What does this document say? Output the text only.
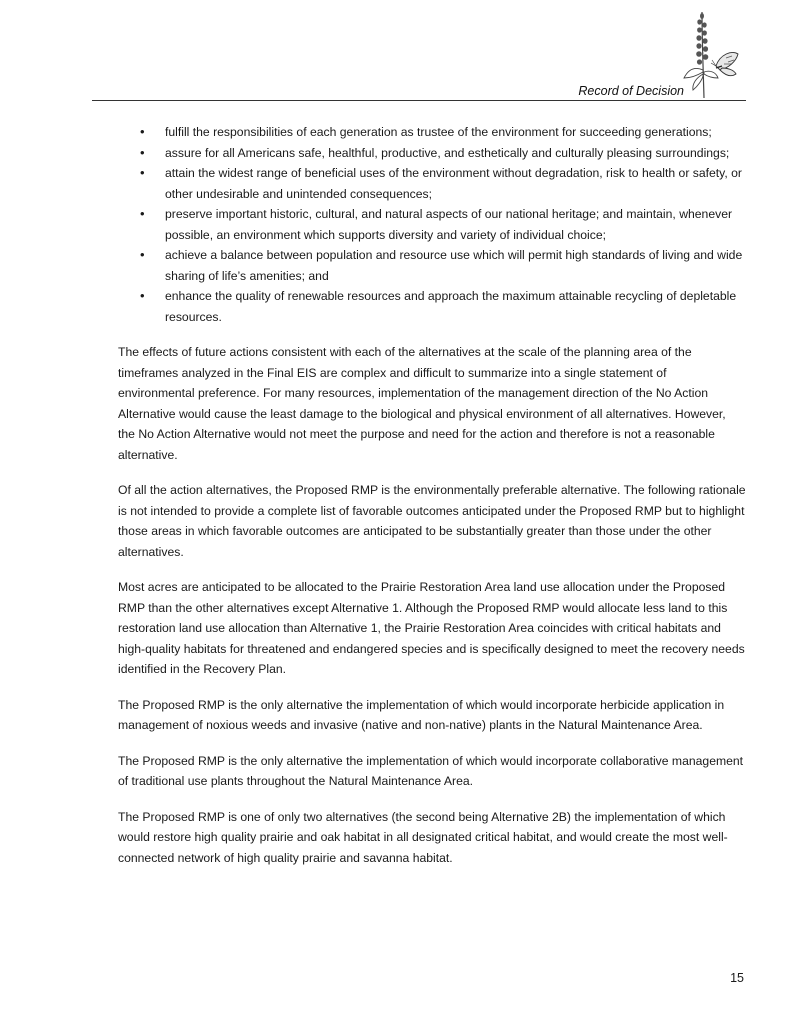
Record of Decision
• fulfill the responsibilities of each generation as trustee of the environment for succeeding generations;
• assure for all Americans safe, healthful, productive, and esthetically and culturally pleasing surroundings;
• attain the widest range of beneficial uses of the environment without degradation, risk to health or safety, or other undesirable and unintended consequences;
• preserve important historic, cultural, and natural aspects of our national heritage; and maintain, whenever possible, an environment which supports diversity and variety of individual choice;
• achieve a balance between population and resource use which will permit high standards of living and wide sharing of life’s amenities; and
• enhance the quality of renewable resources and approach the maximum attainable recycling of depletable resources.

The effects of future actions consistent with each of the alternatives at the scale of the planning area of the timeframes analyzed in the Final EIS are complex and difficult to summarize into a single statement of environmental preference. For many resources, implementation of the management direction of the No Action Alternative would cause the least damage to the biological and physical environment of all alternatives. However, the No Action Alternative would not meet the purpose and need for the action and therefore is not a reasonable alternative.

Of all the action alternatives, the Proposed RMP is the environmentally preferable alternative. The following rationale is not intended to provide a complete list of favorable outcomes anticipated under the Proposed RMP but to highlight those areas in which favorable outcomes are anticipated to be substantially greater than those under the other alternatives.

Most acres are anticipated to be allocated to the Prairie Restoration Area land use allocation under the Proposed RMP than the other alternatives except Alternative 1. Although the Proposed RMP would allocate less land to this restoration land use allocation than Alternative 1, the Prairie Restoration Area coincides with critical habitats and high-quality habitats for threatened and endangered species and is specifically designed to meet the recovery needs identified in the Recovery Plan.

The Proposed RMP is the only alternative the implementation of which would incorporate herbicide application in management of noxious weeds and invasive (native and non-native) plants in the Natural Maintenance Area.

The Proposed RMP is the only alternative the implementation of which would incorporate collaborative management of traditional use plants throughout the Natural Maintenance Area.

The Proposed RMP is one of only two alternatives (the second being Alternative 2B) the implementation of which would restore high quality prairie and oak habitat in all designated critical habitat, and would create the most well-connected network of high quality prairie and savanna habitat.

15
